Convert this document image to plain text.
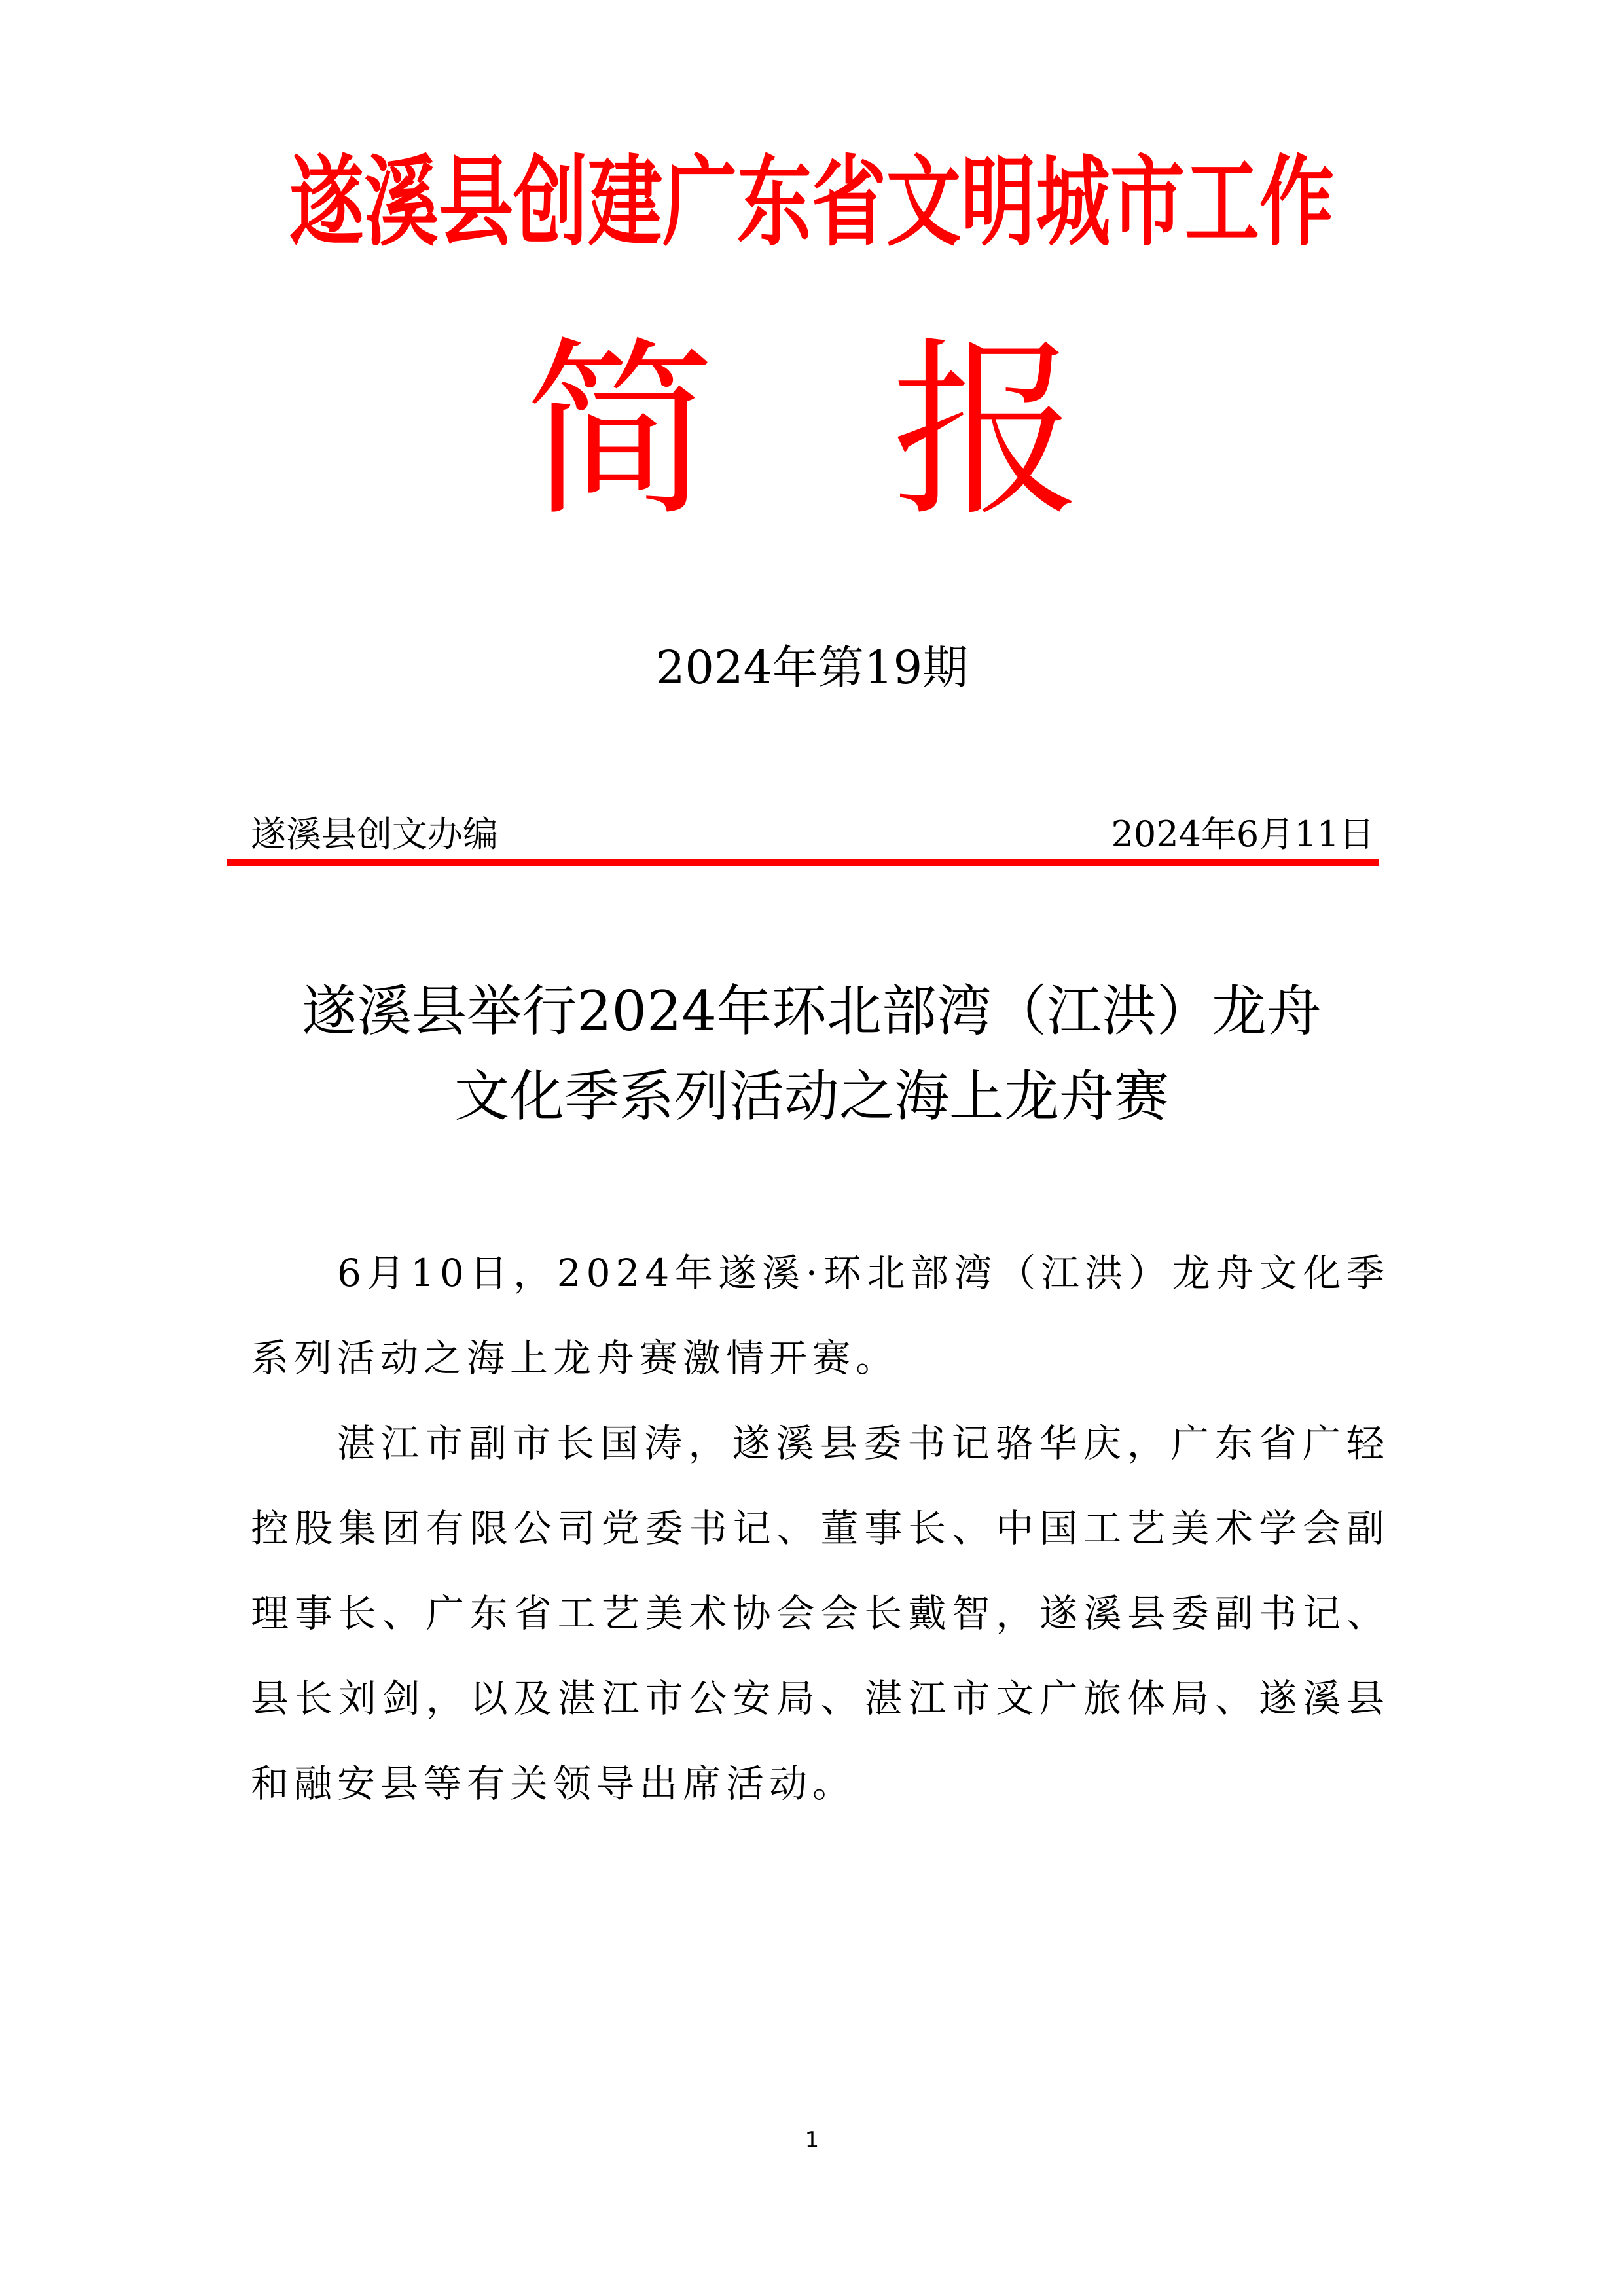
遂溪县创建广东省文明城市工作
简 报
2024年第19期
遂溪县创文办编	2024年6月11日
遂溪县举行2024年环北部湾（江洪）龙舟
文化季系列活动之海上龙舟赛

6月10日，2024年遂溪·环北部湾（江洪）龙舟文化季系列活动之海上龙舟赛激情开赛。

湛江市副市长国涛，遂溪县委书记骆华庆，广东省广轻控股集团有限公司党委书记、董事长、中国工艺美术学会副理事长、广东省工艺美术协会会长戴智，遂溪县委副书记、县长刘剑，以及湛江市公安局、湛江市文广旅体局、遂溪县和融安县等有关领导出席活动。

1
